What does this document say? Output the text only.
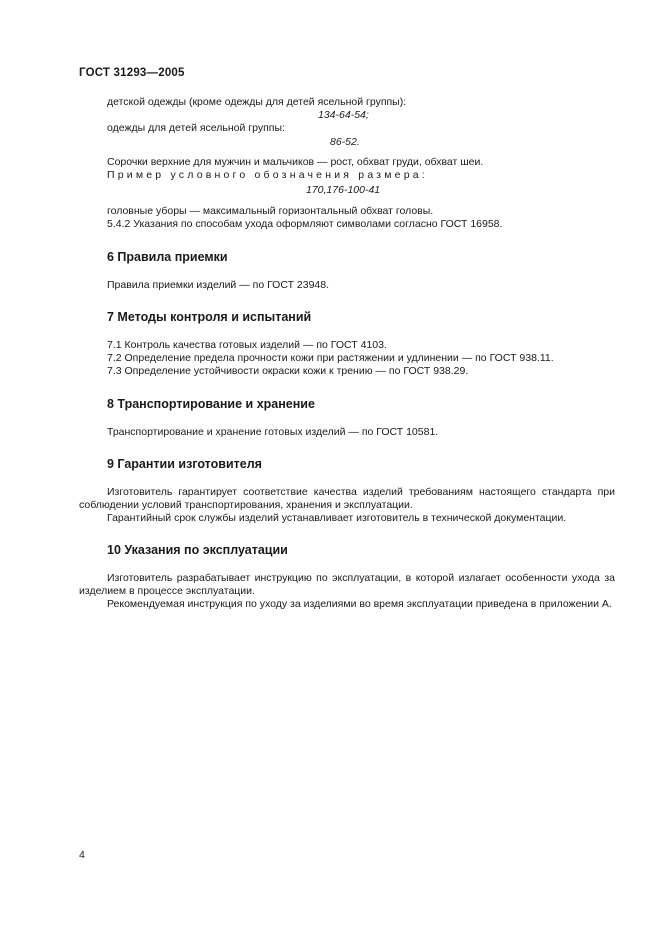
ГОСТ 31293—2005
детской одежды (кроме одежды для детей ясельной группы):
134-64-54;
одежды для детей ясельной группы:
86-52.
Сорочки верхние для мужчин и мальчиков — рост, обхват груди, обхват шеи.
Пример условного обозначения размера:
170,176-100-41
головные уборы — максимальный горизонтальный обхват головы.
5.4.2 Указания по способам ухода оформляют символами согласно ГОСТ 16958.
6 Правила приемки
Правила приемки изделий — по ГОСТ 23948.
7 Методы контроля и испытаний
7.1 Контроль качества готовых изделий — по ГОСТ 4103.
7.2 Определение предела прочности кожи при растяжении и удлинении — по ГОСТ 938.11.
7.3 Определение устойчивости окраски кожи к трению — по ГОСТ 938.29.
8 Транспортирование и хранение
Транспортирование и хранение готовых изделий — по ГОСТ 10581.
9 Гарантии изготовителя
Изготовитель гарантирует соответствие качества изделий требованиям настоящего стандарта при соблюдении условий транспортирования, хранения и эксплуатации.
Гарантийный срок службы изделий устанавливает изготовитель в технической документации.
10 Указания по эксплуатации
Изготовитель разрабатывает инструкцию по эксплуатации, в которой излагает особенности ухода за изделием в процессе эксплуатации.
Рекомендуемая инструкция по уходу за изделиями во время эксплуатации приведена в приложении А.
4
